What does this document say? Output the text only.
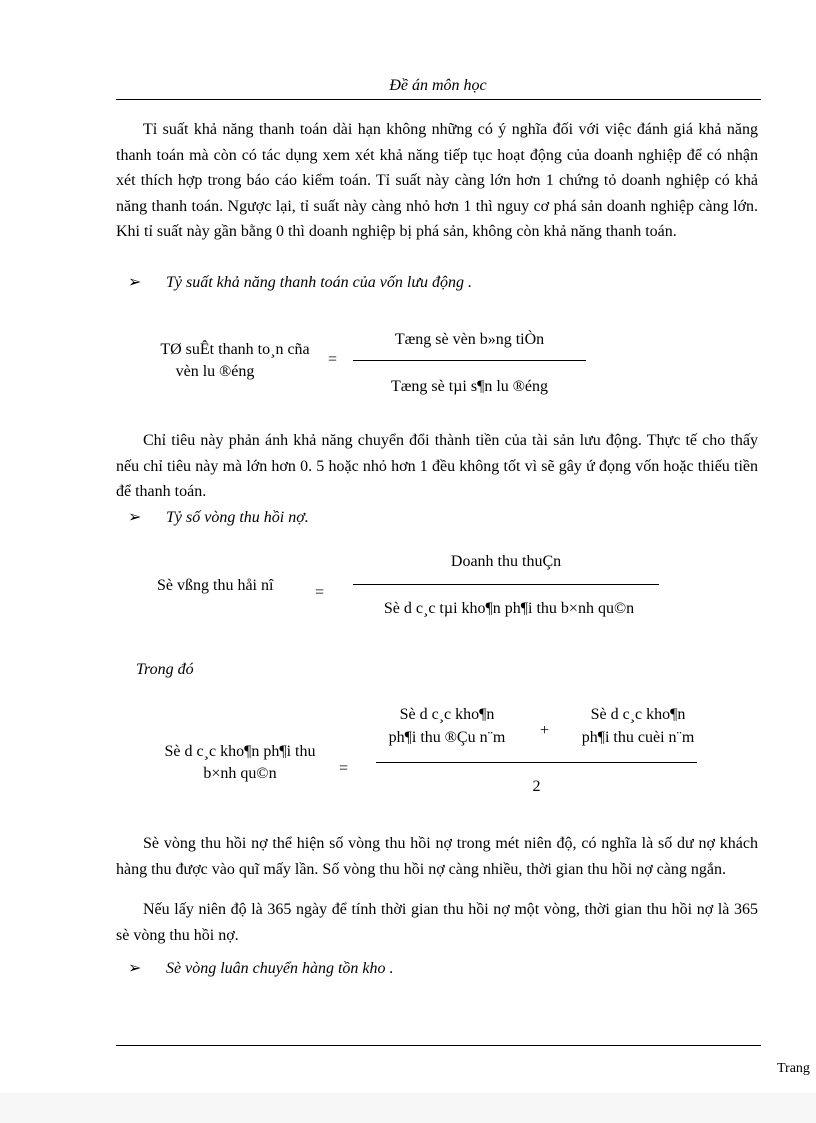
Đề án môn học

Tỉ suất khả năng thanh toán dài hạn không những có ý nghĩa đối với việc đánh giá khả năng thanh toán mà còn có tác dụng xem xét khả năng tiếp tục hoạt động của doanh nghiệp để có nhận xét thích hợp trong báo cáo kiểm toán. Tỉ suất này càng lớn hơn 1 chứng tỏ doanh nghiệp có khả năng thanh toán. Ngược lại, tỉ suất này càng nhỏ hơn 1 thì nguy cơ phá sản doanh nghiệp càng lớn. Khi tỉ suất này gần bằng 0 thì doanh nghiệp bị phá sản, không còn khả năng thanh toán.

➢ Tỷ suất khả năng thanh toán của vốn lưu động .
TØ suÊt thanh to¸n cña
vèn lu ®éng
=
Tæng sè vèn b»ng tiÒn
Tæng sè tµi s¶n lu ®éng

Chỉ tiêu này phản ánh khả năng chuyển đổi thành tiền của tài sản lưu động. Thực tế cho thấy nếu chỉ tiêu này mà lớn hơn 0. 5 hoặc nhỏ hơn 1 đều không tốt vì sẽ gây ứ đọng vốn hoặc thiếu tiền để thanh toán.

➢ Tỷ số vòng thu hồi nợ.
Sè vßng thu håi nî	=
Doanh thu thuÇn
Sè d c¸c tµi kho¶n ph¶i thu b×nh qu©n
Trong đó
Sè d c¸c kho¶n ph¶i thu
b×nh qu©n	=
Sè d c¸c kho¶n
ph¶i thu ®Çu n¨m	+
Sè d c¸c kho¶n
ph¶i thu cuèi n¨m
2

Sè vòng thu hồi nợ thể hiện số vòng thu hồi nợ trong mét niên độ, có nghĩa là số dư nợ khách hàng thu được vào quĩ mấy lần. Số vòng thu hồi nợ càng nhiều, thời gian thu hồi nợ càng ngắn.

Nếu lấy niên độ là 365 ngày để tính thời gian thu hồi nợ một vòng, thời gian thu hồi nợ là 365 sè vòng thu hồi nợ.

➢ Sè vòng luân chuyển hàng tồn kho .
Trang
